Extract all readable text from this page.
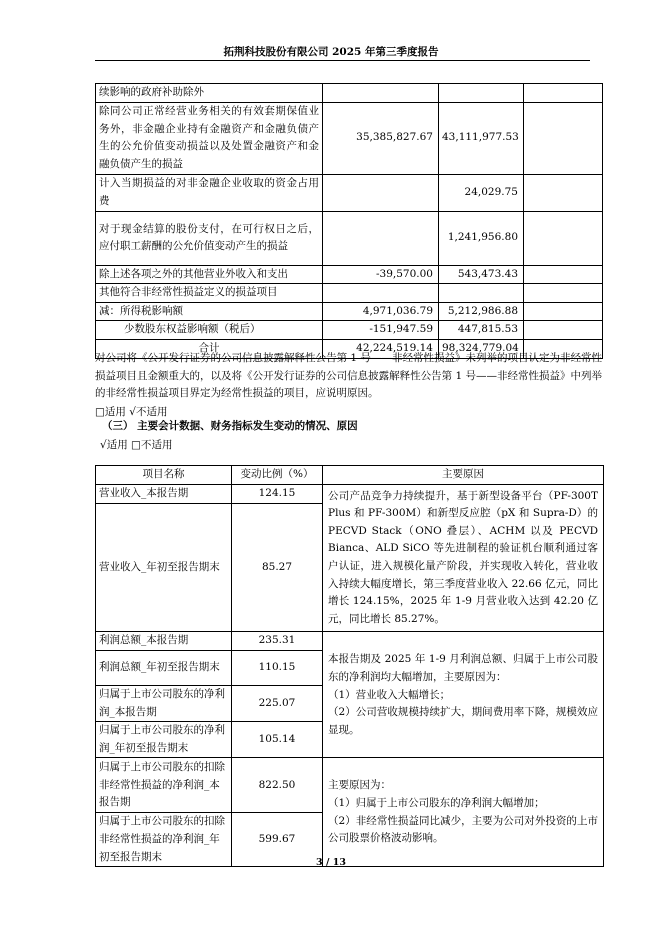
拓荆科技股份有限公司 2025 年第三季度报告
续影响的政府补助除外			
除同公司正常经营业务相关的有效套期保值业务外，非金融企业持有金融资产和金融负债产生的公允价值变动损益以及处置金融资产和金融负债产生的损益	35,385,827.67	43,111,977.53	
计入当期损益的对非金融企业收取的资金占用费		24,029.75	
对于现金结算的股份支付，在可行权日之后，应付职工薪酬的公允价值变动产生的损益		1,241,956.80	
除上述各项之外的其他营业外收入和支出	-39,570.00	543,473.43	
其他符合非经常性损益定义的损益项目			
减：所得税影响额	4,971,036.79	5,212,986.88	
少数股东权益影响额（税后）	-151,947.59	447,815.53	
合计	42,224,519.14	98,324,779.04	
对公司将《公开发行证券的公司信息披露解释性公告第 1 号——非经常性损益》未列举的项目认定为非经常性损益项目且金额重大的，以及将《公开发行证券的公司信息披露解释性公告第 1 号——非经常性损益》中列举的非经常性损益项目界定为经常性损益的项目，应说明原因。
□适用 √不适用
（三） 主要会计数据、财务指标发生变动的情况、原因
√适用 □不适用
项目名称	变动比例（%）	主要原因
营业收入_本报告期	124.15	公司产品竞争力持续提升，基于新型设备平台（PF-300T Plus 和 PF-300M）和新型反应腔（pX 和 Supra-D）的 PECVD Stack（ONO 叠层）、ACHM 以及 PECVD Bianca、ALD SiCO 等先进制程的验证机台顺利通过客户认证，进入规模化量产阶段，并实现收入转化，营业收入持续大幅度增长，第三季度营业收入 22.66 亿元，同比增长 124.15%，2025 年 1-9 月营业收入达到 42.20 亿元，同比增长 85.27%。
营业收入_年初至报告期末	85.27	
利润总额_本报告期	235.31	本报告期及 2025 年 1-9 月利润总额、归属于上市公司股东的净利润均大幅增加，主要原因为：

（1）营业收入大幅增长；

（2）公司营收规模持续扩大，期间费用率下降，规模效应显现。

利润总额_年初至报告期末	110.15	
归属于上市公司股东的净利润_本报告期	225.07	
归属于上市公司股东的净利润_年初至报告期末	105.14	
归属于上市公司股东的扣除非经常性损益的净利润_本报告期	822.50	主要原因为：

（1）归属于上市公司股东的净利润大幅增加；

（2）非经常性损益同比减少，主要为公司对外投资的上市公司股票价格波动影响。

归属于上市公司股东的扣除非经常性损益的净利润_年初至报告期末	599.67	
3 / 13
